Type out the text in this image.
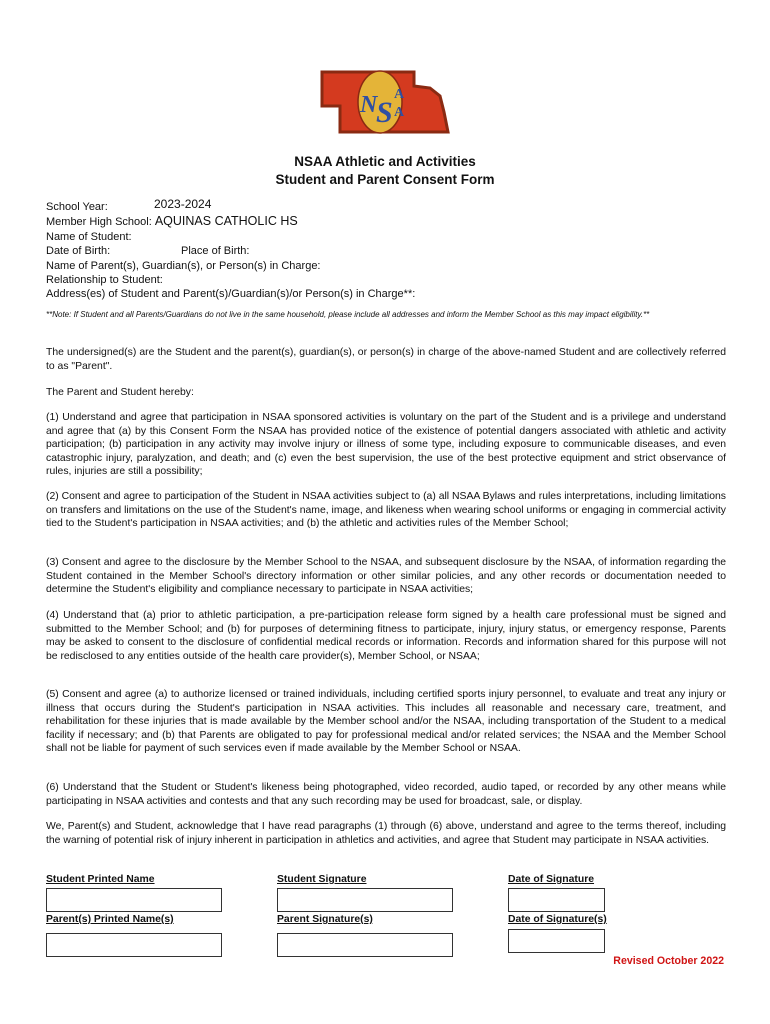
N
S
A
A
NSAA Athletic and Activities
Student and Parent Consent Form
School Year:	2023-2024
Member High School: AQUINAS CATHOLIC HS
Name of Student:
Date of Birth:	Place of Birth:
Name of Parent(s), Guardian(s), or Person(s) in Charge:
Relationship to Student:
Address(es) of Student and Parent(s)/Guardian(s)/or Person(s) in Charge**:
**Note: If Student and all Parents/Guardians do not live in the same household, please include all addresses and inform the Member School as this may impact eligibility.**
The undersigned(s) are the Student and the parent(s), guardian(s), or person(s) in charge of the above-named Student and are collectively referred to as "Parent".
The Parent and Student hereby:
(1) Understand and agree that participation in NSAA sponsored activities is voluntary on the part of the Student and is a privilege and understand and agree that (a) by this Consent Form the NSAA has provided notice of the existence of potential dangers associated with athletic and activity participation; (b) participation in any activity may involve injury or illness of some type, including exposure to communicable diseases, and even catastrophic injury, paralyzation, and death; and (c) even the best supervision, the use of the best protective equipment and strict observance of rules, injuries are still a possibility;
(2) Consent and agree to participation of the Student in NSAA activities subject to (a) all NSAA Bylaws and rules interpretations, including limitations on transfers and limitations on the use of the Student's name, image, and likeness when wearing school uniforms or engaging in commercial activity tied to the Student's participation in NSAA activities; and (b) the athletic and activities rules of the Member School;
(3) Consent and agree to the disclosure by the Member School to the NSAA, and subsequent disclosure by the NSAA, of information regarding the Student contained in the Member School's directory information or other similar policies, and any other records or documentation needed to determine the Student's eligibility and compliance necessary to participate in NSAA activities;
(4) Understand that (a) prior to athletic participation, a pre-participation release form signed by a health care professional must be signed and submitted to the Member School; and (b) for purposes of determining fitness to participate, injury, injury status, or emergency response, Parents may be asked to consent to the disclosure of confidential medical records or information. Records and information shared for this purpose will not be redisclosed to any entities outside of the health care provider(s), Member School, or NSAA;
(5) Consent and agree (a) to authorize licensed or trained individuals, including certified sports injury personnel, to evaluate and treat any injury or illness that occurs during the Student's participation in NSAA activities. This includes all reasonable and necessary care, treatment, and rehabilitation for these injuries that is made available by the Member school and/or the NSAA, including transportation of the Student to a medical facility if necessary; and (b) that Parents are obligated to pay for professional medical and/or related services; the NSAA and the Member School shall not be liable for payment of such services even if made available by the Member School or NSAA.
(6) Understand that the Student or Student's likeness being photographed, video recorded, audio taped, or recorded by any other means while participating in NSAA activities and contests and that any such recording may be used for broadcast, sale, or display.
We, Parent(s) and Student, acknowledge that I have read paragraphs (1) through (6) above, understand and agree to the terms thereof, including the warning of potential risk of injury inherent in participation in athletics and activities, and agree that Student may participate in NSAA activities.
Student Printed Name	Student Signature	Date of Signature
Parent(s) Printed Name(s)	Parent Signature(s)	Date of Signature(s)
Revised October 2022
